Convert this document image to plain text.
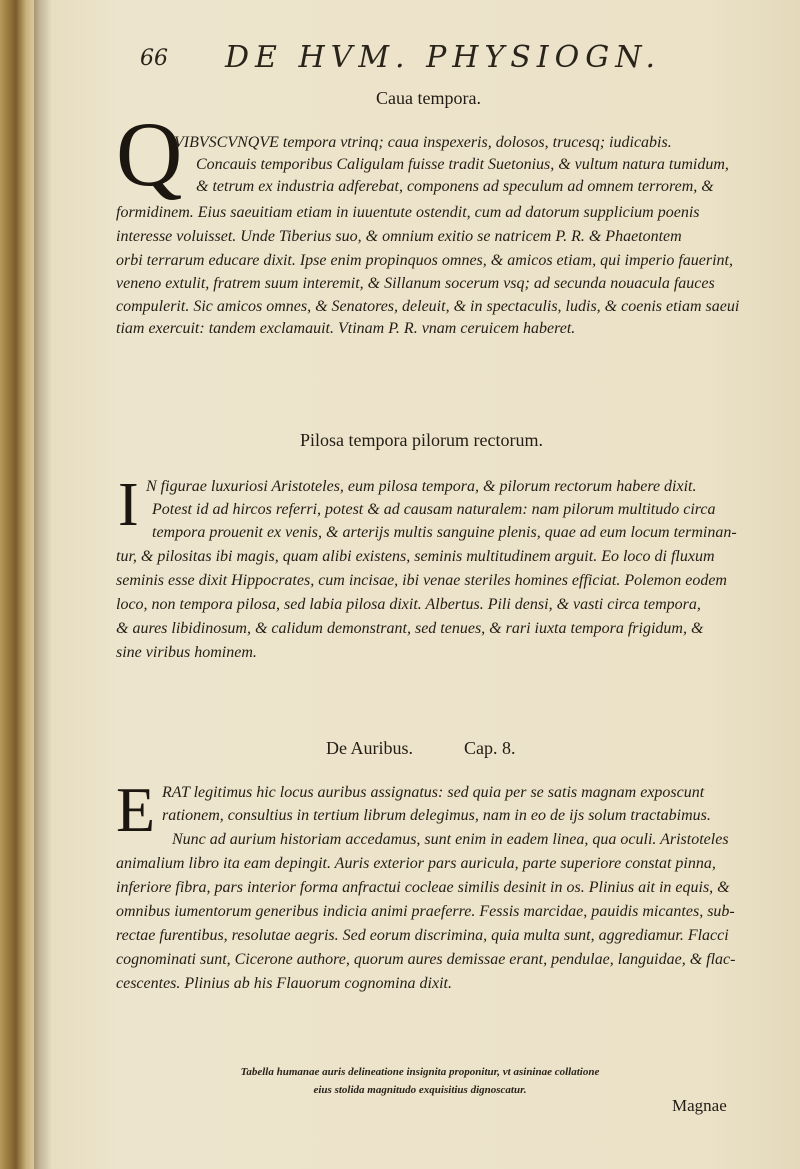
66 DE HVM. PHYSIOGN.
Caua tempora.
Q
VIBVSCVNQVE tempora vtrinq; caua inspexeris, dolosos, trucesq; iudicabis.
Concauis temporibus Caligulam fuisse tradit Suetonius, & vultum natura tumidum,
& tetrum ex industria adferebat, componens ad speculum ad omnem terrorem, &
formidinem. Eius saeuitiam etiam in iuuentute ostendit, cum ad datorum supplicium poenis
interesse voluisset. Unde Tiberius suo, & omnium exitio se natricem P. R. & Phaetontem
orbi terrarum educare dixit. Ipse enim propinquos omnes, & amicos etiam, qui imperio fauerint,
veneno extulit, fratrem suum interemit, & Sillanum socerum vsq; ad secunda nouacula fauces
compulerit. Sic amicos omnes, & Senatores, deleuit, & in spectaculis, ludis, & coenis etiam saeui
tiam exercuit: tandem exclamauit. Vtinam P. R. vnam ceruicem haberet.
Pilosa tempora pilorum rectorum.
I N figurae luxuriosi Aristoteles, eum pilosa tempora, & pilorum rectorum habere dixit.
Potest id ad hircos referri, potest & ad causam naturalem: nam pilorum multitudo circa
tempora prouenit ex venis, & arterijs multis sanguine plenis, quae ad eum locum terminan-
tur, & pilositas ibi magis, quam alibi existens, seminis multitudinem arguit. Eo loco di fluxum
seminis esse dixit Hippocrates, cum incisae, ibi venae steriles homines efficiat. Polemon eodem
loco, non tempora pilosa, sed labia pilosa dixit. Albertus. Pili densi, & vasti circa tempora,
& aures libidinosum, & calidum demonstrant, sed tenues, & rari iuxta tempora frigidum, &
sine viribus hominem.
De Auribus.	Cap. 8.
E RAT legitimus hic locus auribus assignatus: sed quia per se satis magnam exposcunt
rationem, consultius in tertium librum delegimus, nam in eo de ijs solum tractabimus.
Nunc ad aurium historiam accedamus, sunt enim in eadem linea, qua oculi. Aristoteles
animalium libro ita eam depingit. Auris exterior pars auricula, parte superiore constat pinna,
inferiore fibra, pars interior forma anfractui cocleae similis desinit in os. Plinius ait in equis, &
omnibus iumentorum generibus indicia animi praeferre. Fessis marcidae, pauidis micantes, sub-
rectae furentibus, resolutae aegris. Sed eorum discrimina, quia multa sunt, aggrediamur. Flacci
cognominati sunt, Cicerone authore, quorum aures demissae erant, pendulae, languidae, & flac-
cescentes. Plinius ab his Flauorum cognomina dixit.
Tabella humanae auris delineatione insignita proponitur, vt asininae collatione
eius stolida magnitudo exquisitius dignoscatur.
Magnae
